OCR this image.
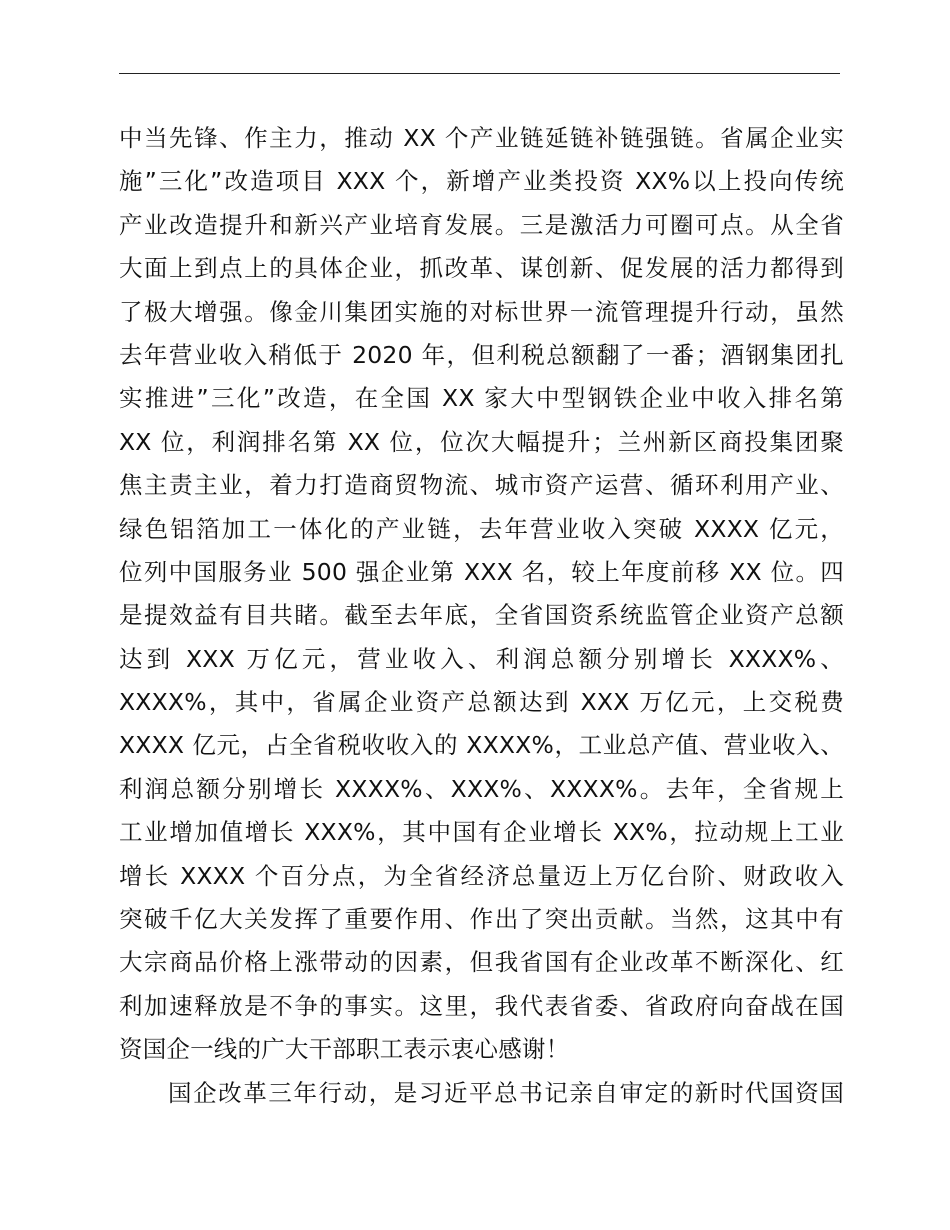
中当先锋、作主力，推动 XX 个产业链延链补链强链。省属企业实
施”三化”改造项目 XXX 个，新增产业类投资 XX%以上投向传统
产业改造提升和新兴产业培育发展。三是激活力可圈可点。从全省
大面上到点上的具体企业，抓改革、谋创新、促发展的活力都得到
了极大增强。像金川集团实施的对标世界一流管理提升行动，虽然
去年营业收入稍低于 2020 年，但利税总额翻了一番；酒钢集团扎
实推进”三化”改造，在全国 XX 家大中型钢铁企业中收入排名第
XX 位，利润排名第 XX 位，位次大幅提升；兰州新区商投集团聚
焦主责主业，着力打造商贸物流、城市资产运营、循环利用产业、
绿色铝箔加工一体化的产业链，去年营业收入突破 XXXX 亿元，
位列中国服务业 500 强企业第 XXX 名，较上年度前移 XX 位。四
是提效益有目共睹。截至去年底，全省国资系统监管企业资产总额
达到 XXX 万亿元，营业收入、利润总额分别增长 XXXX%、
XXXX%，其中，省属企业资产总额达到 XXX 万亿元，上交税费
XXXX 亿元，占全省税收收入的 XXXX%，工业总产值、营业收入、
利润总额分别增长 XXXX%、XXX%、XXXX%。去年，全省规上
工业增加值增长 XXX%，其中国有企业增长 XX%，拉动规上工业
增长 XXXX 个百分点，为全省经济总量迈上万亿台阶、财政收入
突破千亿大关发挥了重要作用、作出了突出贡献。当然，这其中有
大宗商品价格上涨带动的因素，但我省国有企业改革不断深化、红
利加速释放是不争的事实。这里，我代表省委、省政府向奋战在国
资国企一线的广大干部职工表示衷心感谢！
国企改革三年行动，是习近平总书记亲自审定的新时代国资国
